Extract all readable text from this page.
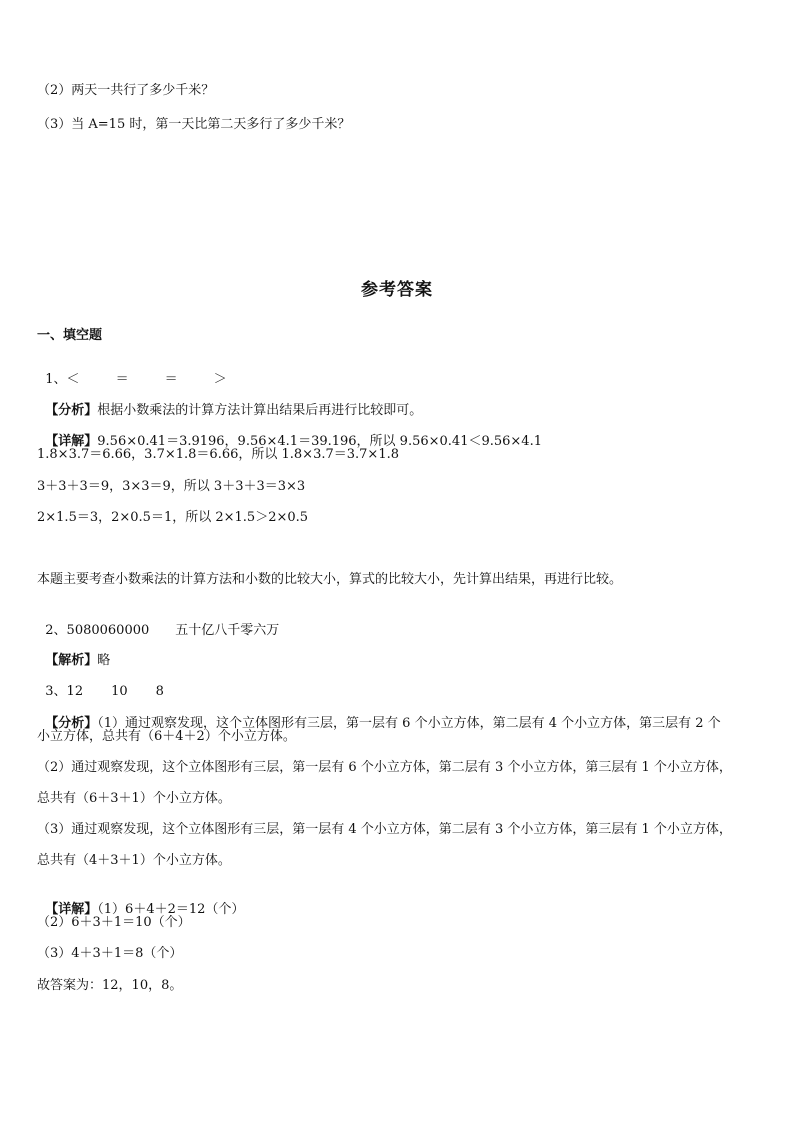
（2）两天一共行了多少千米？
（3）当 A=15 时，第一天比第二天多行了多少千米？
参考答案
一、填空题

1、＜	＝	＝	＞

【分析】根据小数乘法的计算方法计算出结果后再进行比较即可。

【详解】9.56×0.41＝3.9196，9.56×4.1＝39.196，所以 9.56×0.41＜9.56×4.1

1.8×3.7＝6.66，3.7×1.8＝6.66，所以 1.8×3.7＝3.7×1.8
3＋3＋3＝9，3×3＝9，所以 3＋3＋3＝3×3
2×1.5＝3，2×0.5＝1，所以 2×1.5＞2×0.5
本题主要考查小数乘法的计算方法和小数的比较大小，算式的比较大小，先计算出结果，再进行比较。

2、5080060000 五十亿八千零六万

【解析】略

3、12 10 8

【分析】（1）通过观察发现，这个立体图形有三层，第一层有 6 个小立方体，第二层有 4 个小立方体，第三层有 2 个

小立方体，总共有（6＋4＋2）个小立方体。
（2）通过观察发现，这个立体图形有三层，第一层有 6 个小立方体，第二层有 3 个小立方体，第三层有 1 个小立方体，
总共有（6＋3＋1）个小立方体。
（3）通过观察发现，这个立体图形有三层，第一层有 4 个小立方体，第二层有 3 个小立方体，第三层有 1 个小立方体，
总共有（4＋3＋1）个小立方体。

【详解】（1）6＋4＋2＝12（个）

（2）6＋3＋1＝10（个）
（3）4＋3＋1＝8（个）
故答案为：12，10，8。
